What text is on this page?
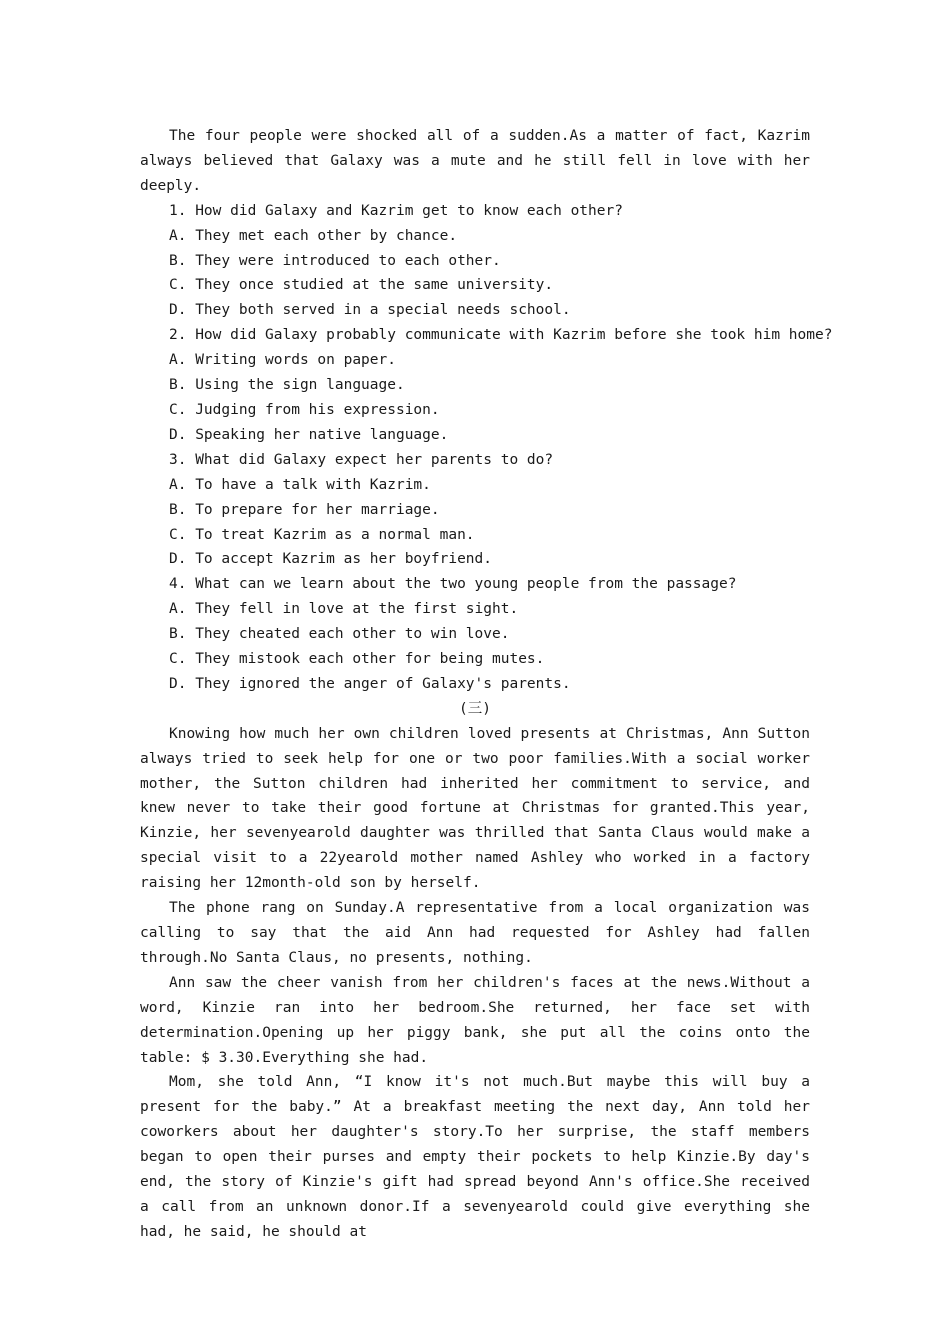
The four people were shocked all of a sudden.As a matter of fact, Kazrim always believed that Galaxy was a mute and he still fell in love with her deeply.

1. How did Galaxy and Kazrim get to know each other?

A. They met each other by chance.

B. They were introduced to each other.

C. They once studied at the same university.

D. They both served in a special needs school.

2. How did Galaxy probably communicate with Kazrim before she took him home?

A. Writing words on paper.

B. Using the sign language.

C. Judging from his expression.

D. Speaking her native language.

3. What did Galaxy expect her parents to do?

A. To have a talk with Kazrim.

B. To prepare for her marriage.

C. To treat Kazrim as a normal man.

D. To accept Kazrim as her boyfriend.

4. What can we learn about the two young people from the passage?

A. They fell in love at the first sight.

B. They cheated each other to win love.

C. They mistook each other for being mutes.

D. They ignored the anger of Galaxy's parents.

(三)

Knowing how much her own children loved presents at Christmas, Ann Sutton always tried to seek help for one or two poor families.With a social worker mother, the Sutton children had inherited her commitment to service, and knew never to take their good fortune at Christmas for granted.This year, Kinzie, her sevenyearold daughter was thrilled that Santa Claus would make a special visit to a 22yearold mother named Ashley who worked in a factory raising her 12month-old son by herself.

The phone rang on Sunday.A representative from a local organization was calling to say that the aid Ann had requested for Ashley had fallen through.No Santa Claus, no presents, nothing.

Ann saw the cheer vanish from her children's faces at the news.Without a word, Kinzie ran into her bedroom.She returned, her face set with determination.Opening up her piggy bank, she put all the coins onto the table: $ 3.30.Everything she had.

Mom, she told Ann, “I know it's not much.But maybe this will buy a present for the baby.” At a breakfast meeting the next day, Ann told her coworkers about her daughter's story.To her surprise, the staff members began to open their purses and empty their pockets to help Kinzie.By day's end, the story of Kinzie's gift had spread beyond Ann's office.She received a call from an unknown donor.If a sevenyearold could give everything she had, he said, he should at
